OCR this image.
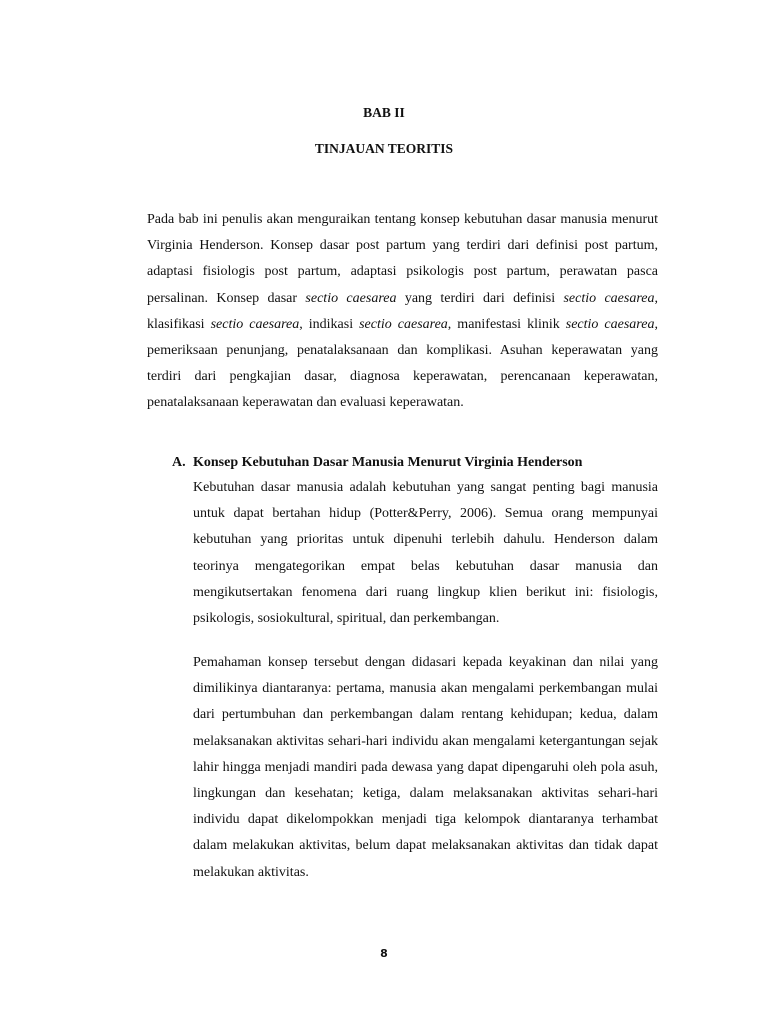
BAB II
TINJAUAN TEORITIS
Pada bab ini penulis akan menguraikan tentang konsep kebutuhan dasar manusia menurut Virginia Henderson. Konsep dasar post partum yang terdiri dari definisi post partum, adaptasi fisiologis post partum, adaptasi psikologis post partum, perawatan pasca persalinan. Konsep dasar sectio caesarea yang terdiri dari definisi sectio caesarea, klasifikasi sectio caesarea, indikasi sectio caesarea, manifestasi klinik sectio caesarea, pemeriksaan penunjang, penatalaksanaan dan komplikasi. Asuhan keperawatan yang terdiri dari pengkajian dasar, diagnosa keperawatan, perencanaan keperawatan, penatalaksanaan keperawatan dan evaluasi keperawatan.
A. Konsep Kebutuhan Dasar Manusia Menurut Virginia Henderson
Kebutuhan dasar manusia adalah kebutuhan yang sangat penting bagi manusia untuk dapat bertahan hidup (Potter&Perry, 2006). Semua orang mempunyai kebutuhan yang prioritas untuk dipenuhi terlebih dahulu. Henderson dalam teorinya mengategorikan empat belas kebutuhan dasar manusia dan mengikutsertakan fenomena dari ruang lingkup klien berikut ini: fisiologis, psikologis, sosiokultural, spiritual, dan perkembangan.
Pemahaman konsep tersebut dengan didasari kepada keyakinan dan nilai yang dimilikinya diantaranya: pertama, manusia akan mengalami perkembangan mulai dari pertumbuhan dan perkembangan dalam rentang kehidupan; kedua, dalam melaksanakan aktivitas sehari-hari individu akan mengalami ketergantungan sejak lahir hingga menjadi mandiri pada dewasa yang dapat dipengaruhi oleh pola asuh, lingkungan dan kesehatan; ketiga, dalam melaksanakan aktivitas sehari-hari individu dapat dikelompokkan menjadi tiga kelompok diantaranya terhambat dalam melakukan aktivitas, belum dapat melaksanakan aktivitas dan tidak dapat melakukan aktivitas.
8
